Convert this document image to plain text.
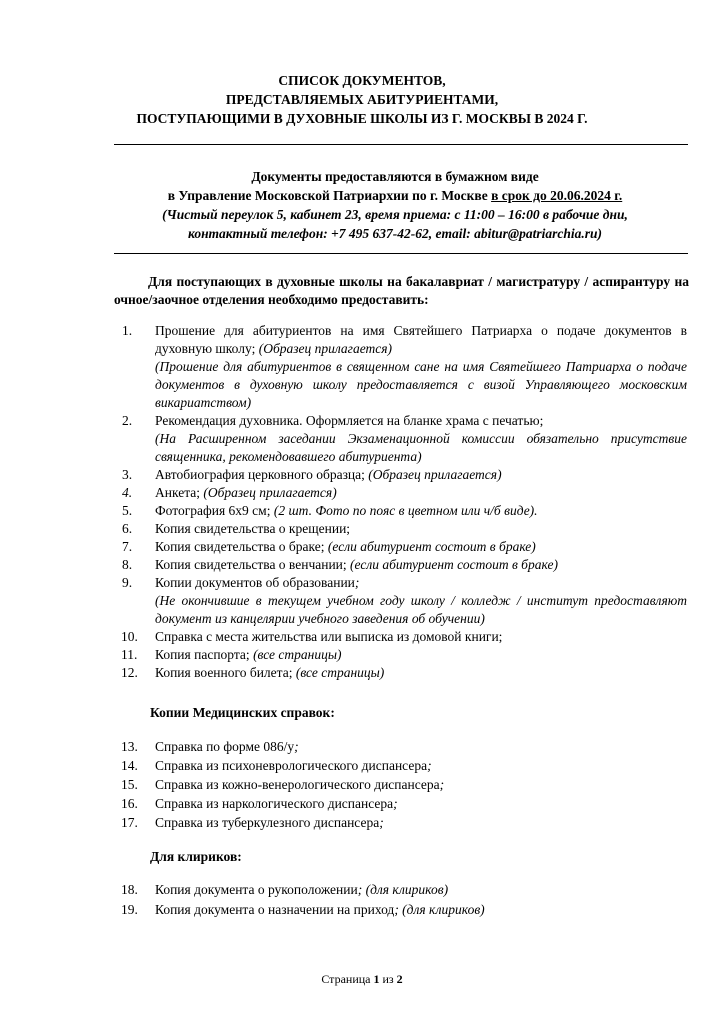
СПИСОК ДОКУМЕНТОВ,
ПРЕДСТАВЛЯЕМЫХ АБИТУРИЕНТАМИ,
ПОСТУПАЮЩИМИ В ДУХОВНЫЕ ШКОЛЫ ИЗ Г. МОСКВЫ В 2024 Г.
Документы предоставляются в бумажном виде
в Управление Московской Патриархии по г. Москве в срок до 20.06.2024 г.
(Чистый переулок 5, кабинет 23, время приема: с 11:00 – 16:00 в рабочие дни,
контактный телефон: +7 495 637-42-62, email: abitur@patriarchia.ru)
Для поступающих в духовные школы на бакалавриат / магистратуру / аспирантуру на очное/заочное отделения необходимо предоставить:
1.	Прошение для абитуриентов на имя Святейшего Патриарха о подаче документов в духовную школу; (Образец прилагается)
(Прошение для абитуриентов в священном сане на имя Святейшего Патриарха о подаче документов в духовную школу предоставляется с визой Управляющего московским викариатством)
2.	Рекомендация духовника. Оформляется на бланке храма с печатью;
(На Расширенном заседании Экзаменационной комиссии обязательно присутствие священника, рекомендовавшего абитуриента)
3.	Автобиография церковного образца; (Образец прилагается)
4.	Анкета; (Образец прилагается)
5.	Фотография 6x9 см; (2 шт. Фото по пояс в цветном или ч/б виде).
6.	Копия свидетельства о крещении;
7.	Копия свидетельства о браке; (если абитуриент состоит в браке)
8.	Копия свидетельства о венчании; (если абитуриент состоит в браке)
9.	Копии документов об образовании;
(Не окончившие в текущем учебном году школу / колледж / институт предоставляют документ из канцелярии учебного заведения об обучении)
10.	Справка с места жительства или выписка из домовой книги;
11.	Копия паспорта; (все страницы)
12.	Копия военного билета; (все страницы)
Копии Медицинских справок:
13.	Справка по форме 086/у;
14.	Справка из психоневрологического диспансера;
15.	Справка из кожно-венерологического диспансера;
16.	Справка из наркологического диспансера;
17.	Справка из туберкулезного диспансера;
Для клириков:
18.	Копия документа о рукоположении; (для клириков)
19.	Копия документа о назначении на приход; (для клириков)
Страница 1 из 2
